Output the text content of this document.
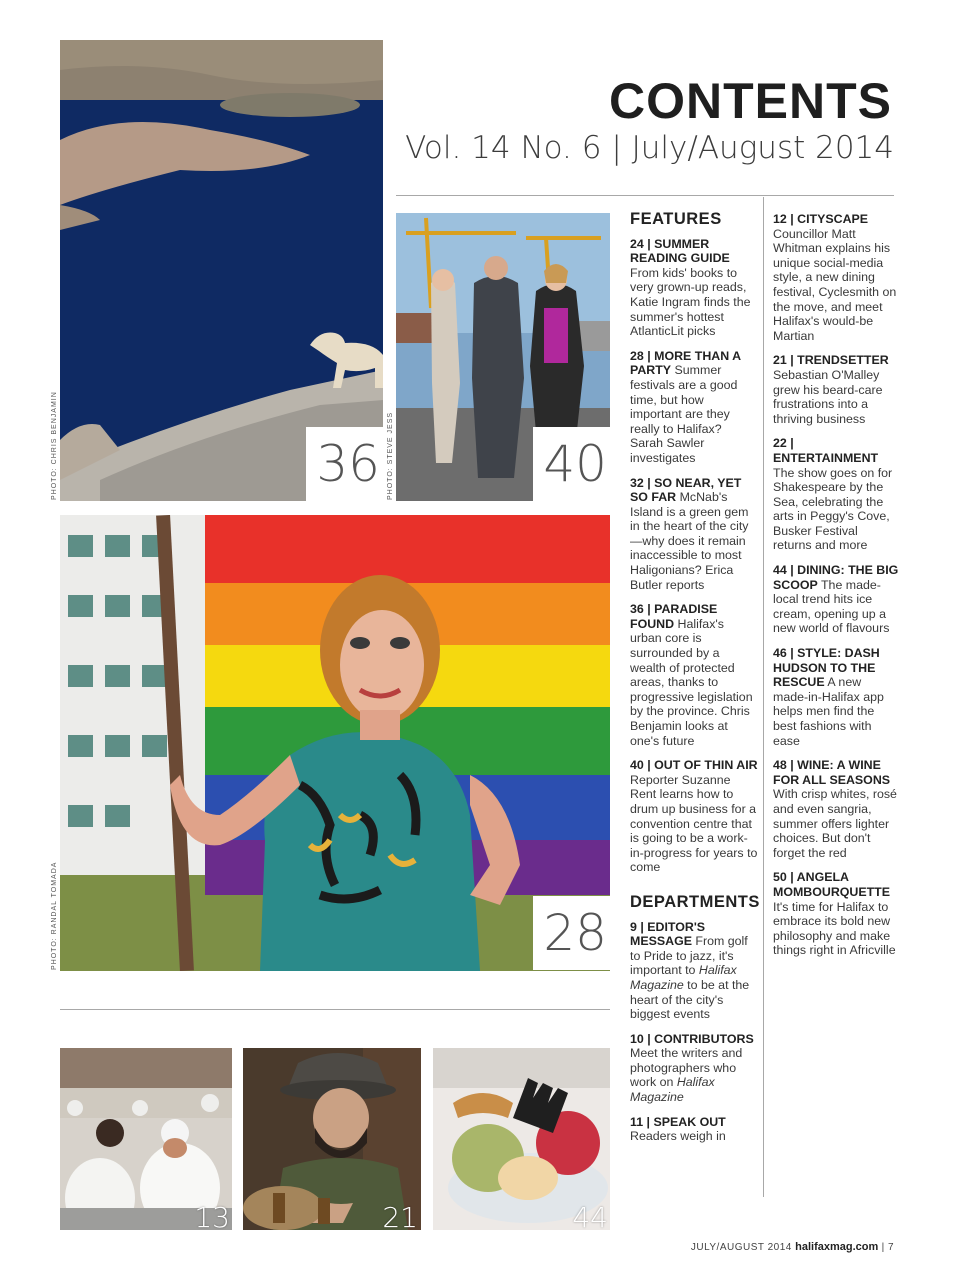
CONTENTS
Vol. 14 No. 6 | July/August 2014
36
PHOTO: CHRIS BENJAMIN	40
PHOTO: STEVE JESS
28
PHOTO: RANDAL TOMADA
13	21	44
FEATURES
24 | SUMMER READING GUIDE From kids' books to very grown-up reads, Katie Ingram finds the summer's hottest AtlanticLit picks
28 | MORE THAN A PARTY Summer festivals are a good time, but how important are they really to Halifax? Sarah Sawler investigates
32 | SO NEAR, YET SO FAR McNab's Island is a green gem in the heart of the city—why does it remain inaccessible to most Haligonians? Erica Butler reports
36 | PARADISE FOUND Halifax's urban core is surrounded by a wealth of protected areas, thanks to progressive legislation by the province. Chris Benjamin looks at one's future
40 | OUT OF THIN AIR Reporter Suzanne Rent learns how to drum up business for a convention centre that is going to be a work-in-progress for years to come
DEPARTMENTS
9 | EDITOR'S MESSAGE From golf to Pride to jazz, it's important to Halifax Magazine to be at the heart of the city's biggest events
10 | CONTRIBUTORS Meet the writers and photographers who work on Halifax Magazine
11 | SPEAK OUT
Readers weigh in
12 | CITYSCAPE Councillor Matt Whitman explains his unique social-media style, a new dining festival, Cyclesmith on the move, and meet Halifax's would-be Martian
21 | TRENDSETTER Sebastian O'Malley grew his beard-care frustrations into a thriving business
22 | ENTERTAINMENT The show goes on for Shakespeare by the Sea, celebrating the arts in Peggy's Cove, Busker Festival returns and more
44 | DINING: THE BIG SCOOP The made-local trend hits ice cream, opening up a new world of flavours
46 | STYLE: DASH HUDSON TO THE RESCUE A new made-in-Halifax app helps men find the best fashions with ease
48 | WINE: A WINE FOR ALL SEASONS With crisp whites, rosé and even sangria, summer offers lighter choices. But don't forget the red
50 | ANGELA MOMBOURQUETTE It's time for Halifax to embrace its bold new philosophy and make things right in Africville
JULY/AUGUST 2014 halifaxmag.com | 7
